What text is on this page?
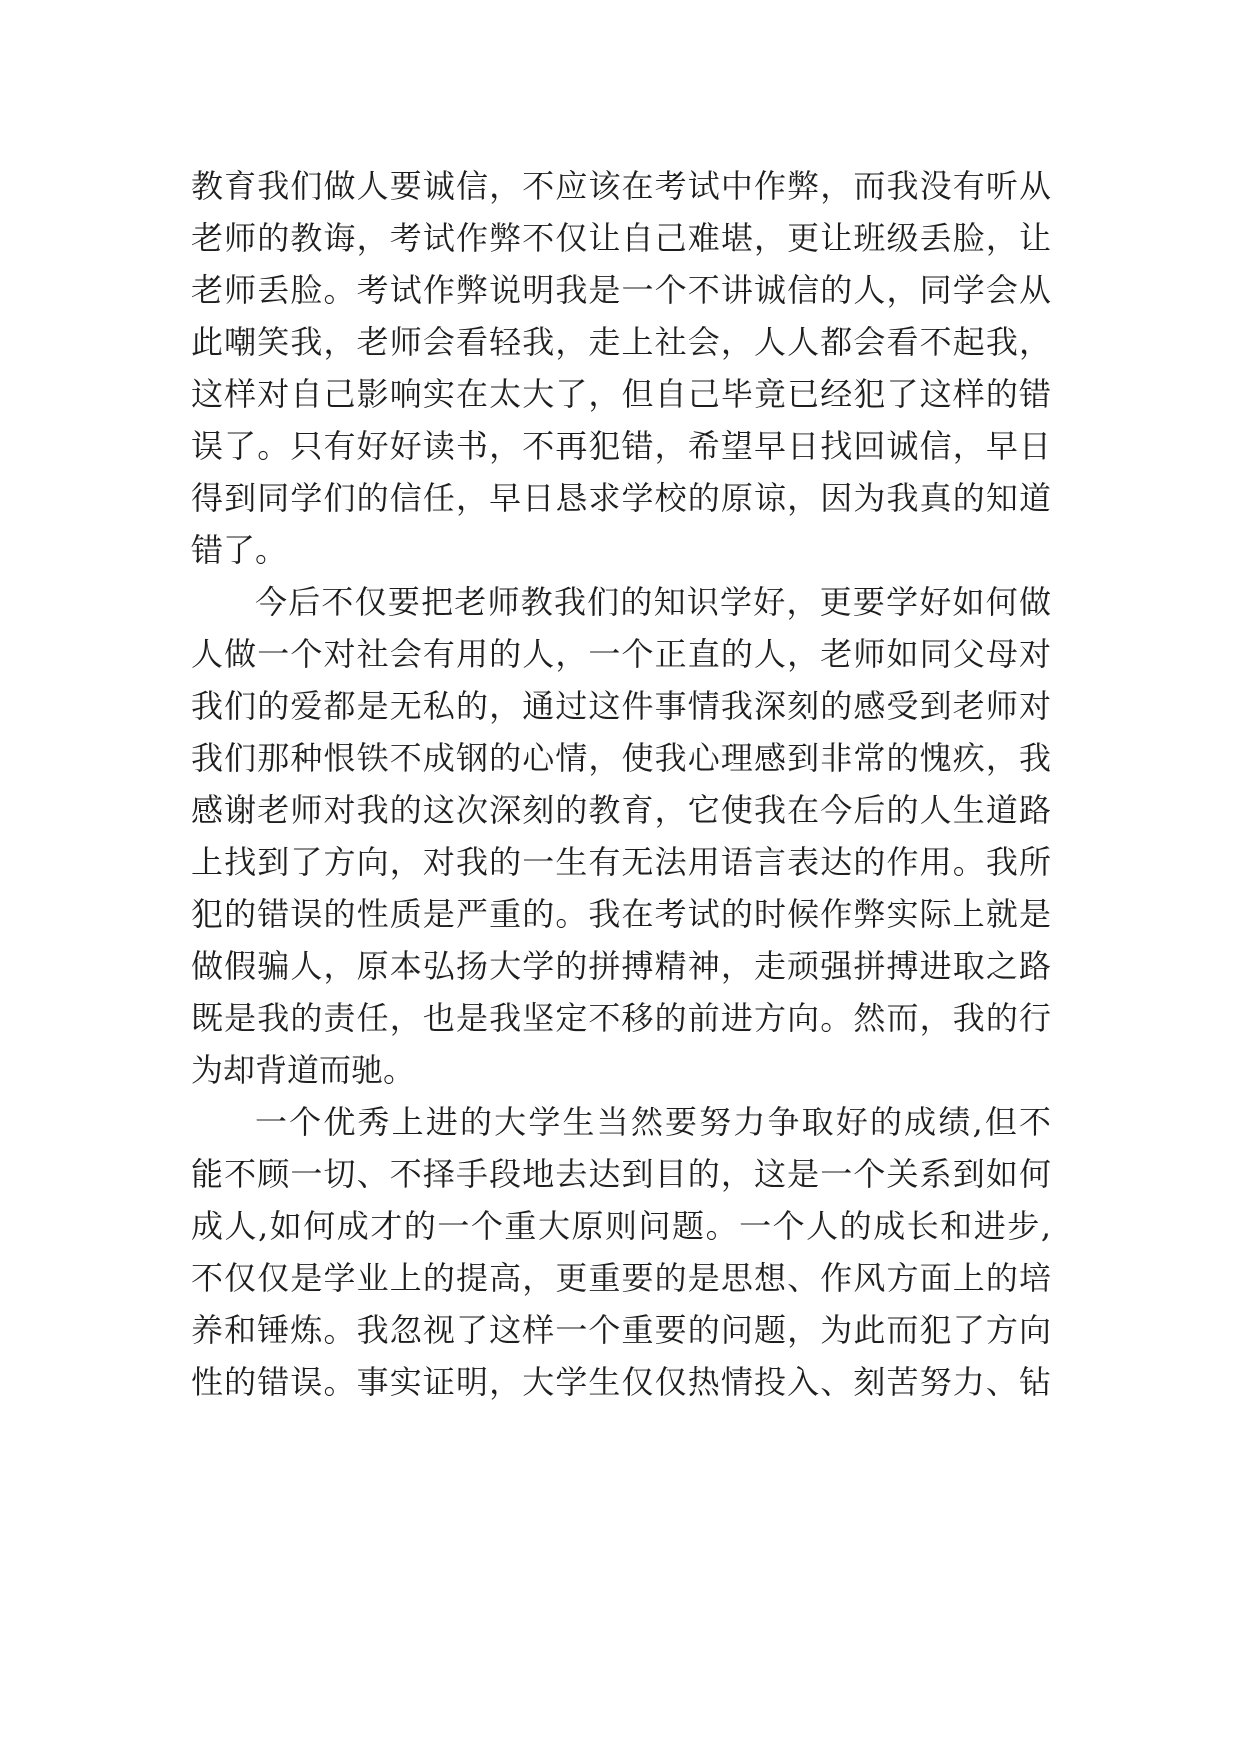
教育我们做人要诚信，不应该在考试中作弊，而我没有听从
老师的教诲，考试作弊不仅让自己难堪，更让班级丢脸，让
老师丢脸。考试作弊说明我是一个不讲诚信的人，同学会从
此嘲笑我，老师会看轻我，走上社会，人人都会看不起我，
这样对自己影响实在太大了，但自己毕竟已经犯了这样的错
误了。只有好好读书，不再犯错，希望早日找回诚信，早日
得到同学们的信任，早日恳求学校的原谅，因为我真的知道
错了。
今后不仅要把老师教我们的知识学好，更要学好如何做
人做一个对社会有用的人，一个正直的人，老师如同父母对
我们的爱都是无私的，通过这件事情我深刻的感受到老师对
我们那种恨铁不成钢的心情，使我心理感到非常的愧疚，我
感谢老师对我的这次深刻的教育，它使我在今后的人生道路
上找到了方向，对我的一生有无法用语言表达的作用。我所
犯的错误的性质是严重的。我在考试的时候作弊实际上就是
做假骗人，原本弘扬大学的拼搏精神，走顽强拼搏进取之路
既是我的责任，也是我坚定不移的前进方向。然而，我的行
为却背道而驰。
一个优秀上进的大学生当然要努力争取好的成绩,但不
能不顾一切、不择手段地去达到目的，这是一个关系到如何
成人,如何成才的一个重大原则问题。一个人的成长和进步,
不仅仅是学业上的提高，更重要的是思想、作风方面上的培
养和锤炼。我忽视了这样一个重要的问题，为此而犯了方向
性的错误。事实证明，大学生仅仅热情投入、刻苦努力、钻
